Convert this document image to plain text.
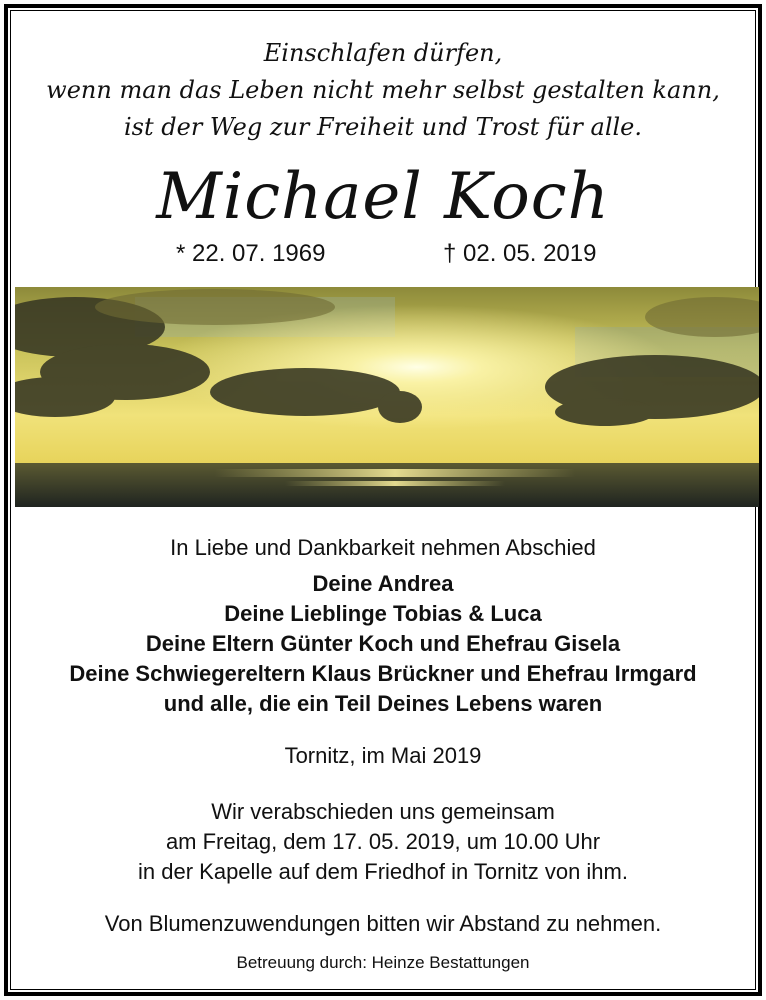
Einschlafen dürfen,
wenn man das Leben nicht mehr selbst gestalten kann,
ist der Weg zur Freiheit und Trost für alle.
Michael Koch
* 22. 07. 1969	† 02. 05. 2019
In Liebe und Dankbarkeit nehmen Abschied
Deine Andrea
Deine Lieblinge Tobias & Luca
Deine Eltern Günter Koch und Ehefrau Gisela
Deine Schwiegereltern Klaus Brückner und Ehefrau Irmgard
und alle, die ein Teil Deines Lebens waren
Tornitz, im Mai 2019
Wir verabschieden uns gemeinsam
am Freitag, dem 17. 05. 2019, um 10.00 Uhr
in der Kapelle auf dem Friedhof in Tornitz von ihm.
Von Blumenzuwendungen bitten wir Abstand zu nehmen.
Betreuung durch: Heinze Bestattungen
